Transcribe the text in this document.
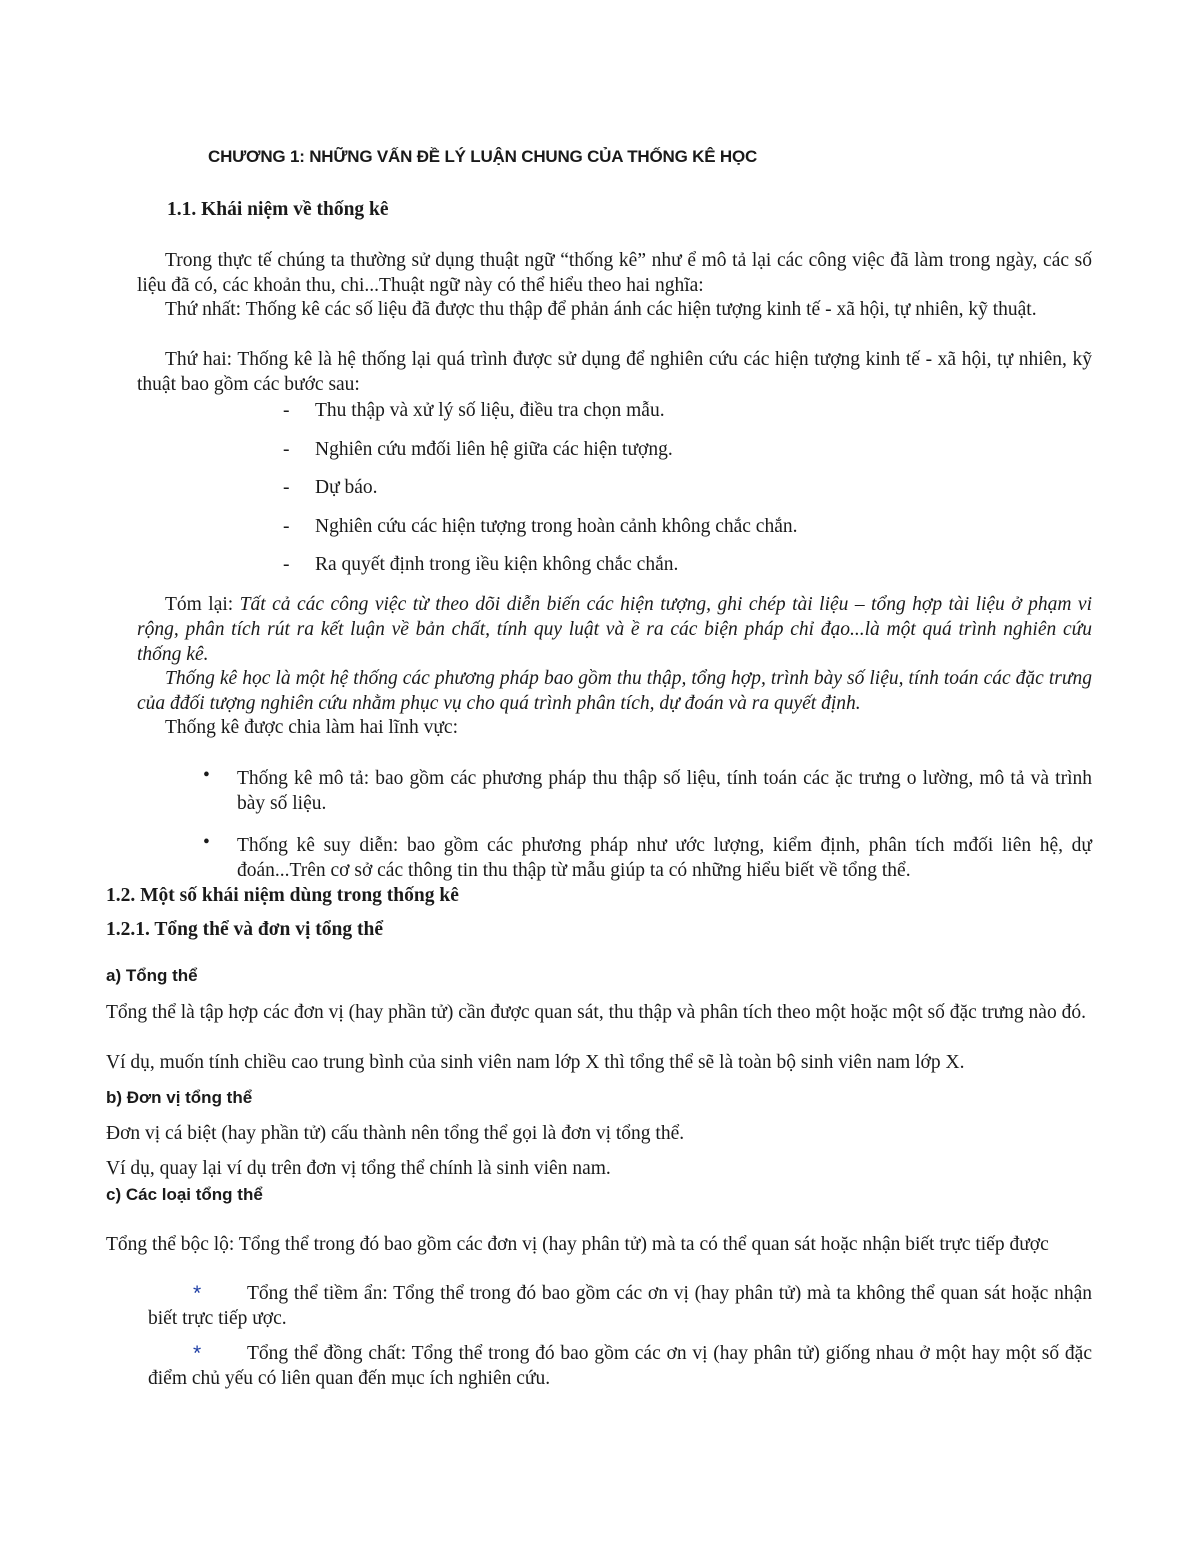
CHƯƠNG 1: NHỮNG VẤN ĐỀ LÝ LUẬN CHUNG CỦA THỐNG KÊ HỌC
1.1. Khái niệm về thống kê
Trong thực tế chúng ta thường sử dụng thuật ngữ “thống kê” như ể mô tả lại các công việc đã làm trong ngày, các số liệu đã có, các khoản thu, chi...Thuật ngữ này có thể hiểu theo hai nghĩa:
Thứ nhất: Thống kê các số liệu đã được thu thập để phản ánh các hiện tượng kinh tế - xã hội, tự nhiên, kỹ thuật.
Thứ hai: Thống kê là hệ thống lại quá trình được sử dụng để nghiên cứu các hiện tượng kinh tế - xã hội, tự nhiên, kỹ thuật bao gồm các bước sau:
- Thu thập và xử lý số liệu, điều tra chọn mẫu.
- Nghiên cứu mđối liên hệ giữa các hiện tượng.
- Dự báo.
- Nghiên cứu các hiện tượng trong hoàn cảnh không chắc chắn.
- Ra quyết định trong iều kiện không chắc chắn.
Tóm lại: Tất cả các công việc từ theo dõi diễn biến các hiện tượng, ghi chép tài liệu – tổng hợp tài liệu ở phạm vi rộng, phân tích rút ra kết luận về bản chất, tính quy luật và ề ra các biện pháp chỉ đạo...là một quá trình nghiên cứu thống kê.
Thống kê học là một hệ thống các phương pháp bao gồm thu thập, tổng hợp, trình bày số liệu, tính toán các đặc trưng của đđối tượng nghiên cứu nhằm phục vụ cho quá trình phân tích, dự đoán và ra quyết định.
Thống kê được chia làm hai lĩnh vực:
• Thống kê mô tả: bao gồm các phương pháp thu thập số liệu, tính toán các ặc trưng o lường, mô tả và trình bày số liệu.
• Thống kê suy diễn: bao gồm các phương pháp như ước lượng, kiểm định, phân tích mđối liên hệ, dự đoán...Trên cơ sở các thông tin thu thập từ mẫu giúp ta có những hiểu biết về tổng thể.
1.2. Một số khái niệm dùng trong thống kê
1.2.1. Tổng thể và đơn vị tổng thể
a) Tổng thể
Tổng thể là tập hợp các đơn vị (hay phần tử) cần được quan sát, thu thập và phân tích theo một hoặc một số đặc trưng nào đó.
Ví dụ, muốn tính chiều cao trung bình của sinh viên nam lớp X thì tổng thể sẽ là toàn bộ sinh viên nam lớp X.
b) Đơn vị tổng thể
Đơn vị cá biệt (hay phần tử) cấu thành nên tổng thể gọi là đơn vị tổng thể.
Ví dụ, quay lại ví dụ trên đơn vị tổng thể chính là sinh viên nam.
c) Các loại tổng thể
Tổng thể bộc lộ: Tổng thể trong đó bao gồm các đơn vị (hay phân tử) mà ta có thể quan sát hoặc nhận biết trực tiếp được
*	Tổng thể tiềm ẩn: Tổng thể trong đó bao gồm các ơn vị (hay phân tử) mà ta không thể quan sát hoặc nhận biết trực tiếp ược.
*	Tổng thể đồng chất: Tổng thể trong đó bao gồm các ơn vị (hay phân tử) giống nhau ở một hay một số đặc điểm chủ yếu có liên quan đến mục ích nghiên cứu.
